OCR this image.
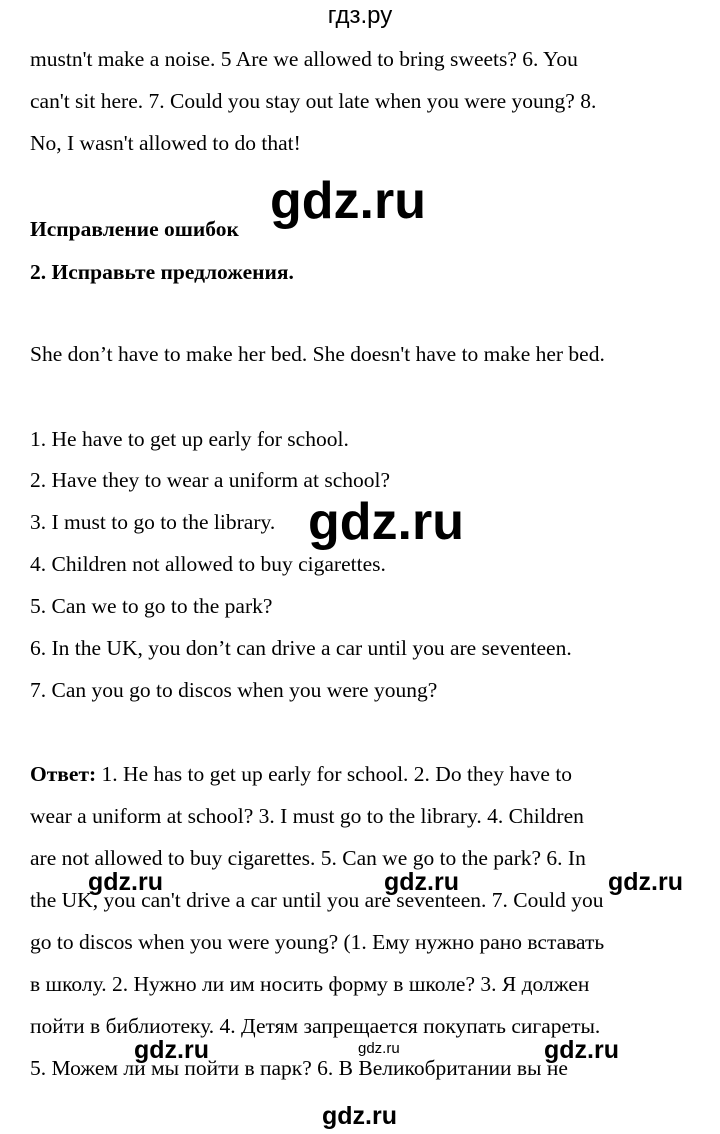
гдз.ру
mustn't make a noise. 5 Are we allowed to bring sweets? 6. You
can't sit here. 7. Could you stay out late when you were young? 8.
No, I wasn't allowed to do that!
Исправление ошибок
2. Исправьте предложения.
She don’t have to make her bed. She doesn't have to make her bed.
1. He have to get up early for school.
2. Have they to wear a uniform at school?
3. I must to go to the library.
4. Children not allowed to buy cigarettes.
5. Can we to go to the park?
6. In the UK, you don’t can drive a car until you are seventeen.
7. Can you go to discos when you were young?
Ответ: 1. He has to get up early for school. 2. Do they have to
wear a uniform at school? 3. I must go to the library. 4. Children
are not allowed to buy cigarettes. 5. Can we go to the park? 6. In
the UK, you can't drive a car until you are seventeen. 7. Could you
go to discos when you were young? (1. Ему нужно рано вставать
в школу. 2. Нужно ли им носить форму в школе? 3. Я должен
пойти в библиотеку. 4. Детям запрещается покупать сигареты.
5. Можем ли мы пойти в парк? 6. В Великобритании вы не
gdz.ru
gdz.ru
gdz.ru	gdz.ru	gdz.ru
gdz.ru	gdz.ru	gdz.ru
gdz.ru
